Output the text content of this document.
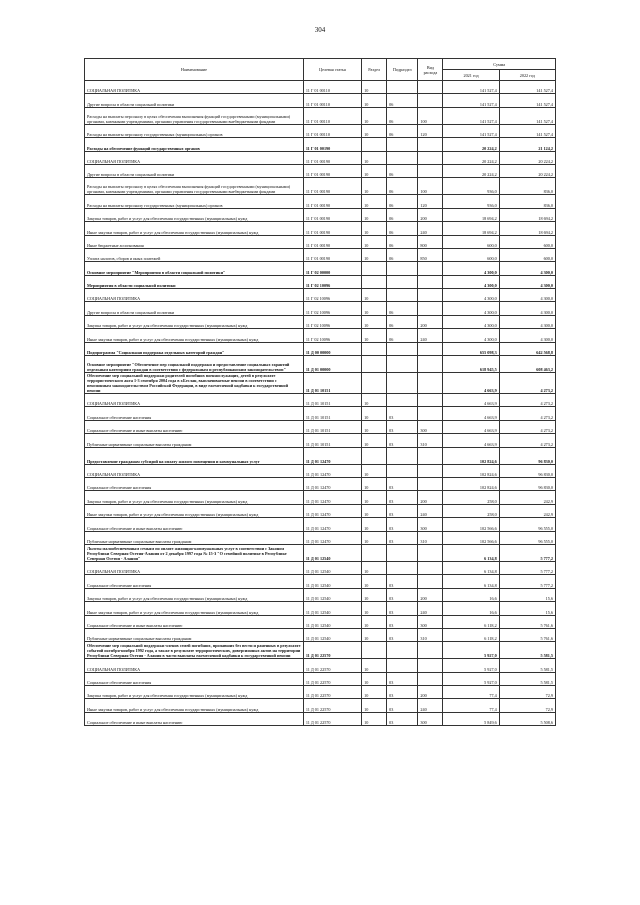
304
Наименование	Целевая статья	Раздел	Подраздел	Вид расхода	Сумма	
					2021 год	2022 год
СОЦИАЛЬНАЯ ПОЛИТИКА	11 Г 01 00110	10			141 527,4	141 527,4
Другие вопросы в области социальной политики	11 Г 01 00110	10	06		141 527,4	141 527,4
Расходы на выплаты персоналу в целях обеспечения выполнения функций государственными (муниципальными) органами, казенными учреждениями, органами управления государственными внебюджетными фондами	11 Г 01 00110	10	06	100	141 527,4	141 527,4
Расходы на выплаты персоналу государственных (муниципальных) органов	11 Г 01 00110	10	06	120	141 527,4	141 527,4
Расходы на обеспечение функций государственных органов	11 Г 01 00190				20 224,2	21 124,2
СОЦИАЛЬНАЯ ПОЛИТИКА	11 Г 01 00190	10			20 224,2	20 224,2
Другие вопросы в области социальной политики	11 Г 01 00190	10	06		20 224,2	20 224,2
Расходы на выплаты персоналу в целях обеспечения выполнения функций государственными (муниципальными) органами, казенными учреждениями, органами управления государственными внебюджетными фондами	11 Г 01 00190	10	06	100	936,0	836,0
Расходы на выплаты персоналу государственных (муниципальных) органов	11 Г 01 00190	10	06	120	936,0	836,0
Закупка товаров, работ и услуг для обеспечения государственных (муниципальных) нужд	11 Г 01 00190	10	06	200	18 694,2	18 694,2
Иные закупки товаров, работ и услуг для обеспечения государственных (муниципальных) нужд	11 Г 01 00190	10	06	240	18 694,2	18 694,2
Иные бюджетные ассигнования	11 Г 01 00190	10	06	800	600,0	600,0
Уплата налогов, сборов и иных платежей	11 Г 01 00190	10	06	850	600,0	600,0
Основное мероприятие "Мероприятия в области социальной политики"	11 Г 02 00000				4 300,0	4 300,0
Мероприятия в области социальной политики	11 Г 02 10096				4 300,0	4 300,0
СОЦИАЛЬНАЯ ПОЛИТИКА	11 Г 02 10096	10			4 300,0	4 300,0
Другие вопросы в области социальной политики	11 Г 02 10096	10	06		4 300,0	4 300,0
Закупка товаров, работ и услуг для обеспечения государственных (муниципальных) нужд	11 Г 02 10096	10	06	200	4 300,0	4 300,0
Иные закупки товаров, работ и услуг для обеспечения государственных (муниципальных) нужд	11 Г 02 10096	10	06	240	4 300,0	4 300,0
Подпрограмма "Социальная поддержка отдельных категорий граждан"	11 Д 00 00000				655 098,3	642 568,8
Основное мероприятие "Обеспечение мер социальной поддержки и предоставление социальных гарантий отдельным категориям граждан в соответствии с федеральным и республиканским законодательством"	11 Д 01 00000				618 945,5	608 463,2
Обеспечение мер социальной поддержки родителей погибших военнослужащих, детей в результате террористического акта 1-3 сентября 2004 года в г.Беслан, выплачиваемые пенсии в соответствии с пенсионным законодательством Российской Федерации, в виде ежемесячной надбавки к государственной пенсии	11 Д 01 10151				4 663,9	4 273,2
СОЦИАЛЬНАЯ ПОЛИТИКА	11 Д 01 10151	10			4 663,9	4 273,2
Социальное обеспечение населения	11 Д 01 10151	10	03		4 663,9	4 273,2
Социальное обеспечение и иные выплаты населению	11 Д 01 10151	10	03	300	4 663,9	4 273,2
Публичные нормативные социальные выплаты гражданам	11 Д 01 10151	10	03	310	4 663,9	4 273,2
Предоставление гражданам субсидий на оплату жилого помещения и коммунальных услуг	11 Д 01 12470				102 824,6	96 830,0
СОЦИАЛЬНАЯ ПОЛИТИКА	11 Д 01 12470	10			102 824,6	96 830,0
Социальное обеспечение населения	11 Д 01 12470	10	03		102 824,6	96 830,0
Закупка товаров, работ и услуг для обеспечения государственных (муниципальных) нужд	11 Д 01 12470	10	03	200	258,0	242,9
Иные закупки товаров, работ и услуг для обеспечения государственных (муниципальных) нужд	11 Д 01 12470	10	03	240	258,0	242,9
Социальное обеспечение и иные выплаты населению	11 Д 01 12470	10	03	300	102 566,6	96 555,0
Публичные нормативные социальные выплаты гражданам	11 Д 01 12470	10	03	310	102 566,6	96 555,0
Льготы малообеспеченным семьям по оплате жилищно-коммунальных услуг в соответствии с Законом Республики Северная Осетия-Алания от 2 декабря 1997 года № 15-З "О семейной политике в Республике Северная Осетия - Алания"	11 Д 01 12540				6 134,8	5 777,2
СОЦИАЛЬНАЯ ПОЛИТИКА	11 Д 01 12540	10			6 134,8	5 777,2
Социальное обеспечение населения	11 Д 01 12540	10	03		6 134,8	5 777,2
Закупка товаров, работ и услуг для обеспечения государственных (муниципальных) нужд	11 Д 01 12540	10	03	200	16,6	15,6
Иные закупки товаров, работ и услуг для обеспечения государственных (муниципальных) нужд	11 Д 01 12540	10	03	240	16,6	15,6
Социальное обеспечение и иные выплаты населению	11 Д 01 12540	10	03	300	6 118,2	5 761,6
Публичные нормативные социальные выплаты гражданам	11 Д 01 12540	10	03	310	6 118,2	5 761,6
Обеспечение мер социальной поддержки членов семей погибших, пропавших без вести и раненных в результате событий октября-ноября 1992 года, а также в результате террористических, диверсионных актов на территории Республики Северная Осетия - Алания в части выплаты ежемесячной надбавки к государственной пенсии	11 Д 01 22570				5 927,0	5 581,5
СОЦИАЛЬНАЯ ПОЛИТИКА	11 Д 01 22570	10			5 927,0	5 581,5
Социальное обеспечение населения	11 Д 01 22570	10	03		5 927,0	5 581,5
Закупка товаров, работ и услуг для обеспечения государственных (муниципальных) нужд	11 Д 01 22570	10	03	200	77,4	72,9
Иные закупки товаров, работ и услуг для обеспечения государственных (муниципальных) нужд	11 Д 01 22570	10	03	240	77,4	72,9
Социальное обеспечение и иные выплаты населению	11 Д 01 22570	10	03	300	5 849,6	5 508,6
